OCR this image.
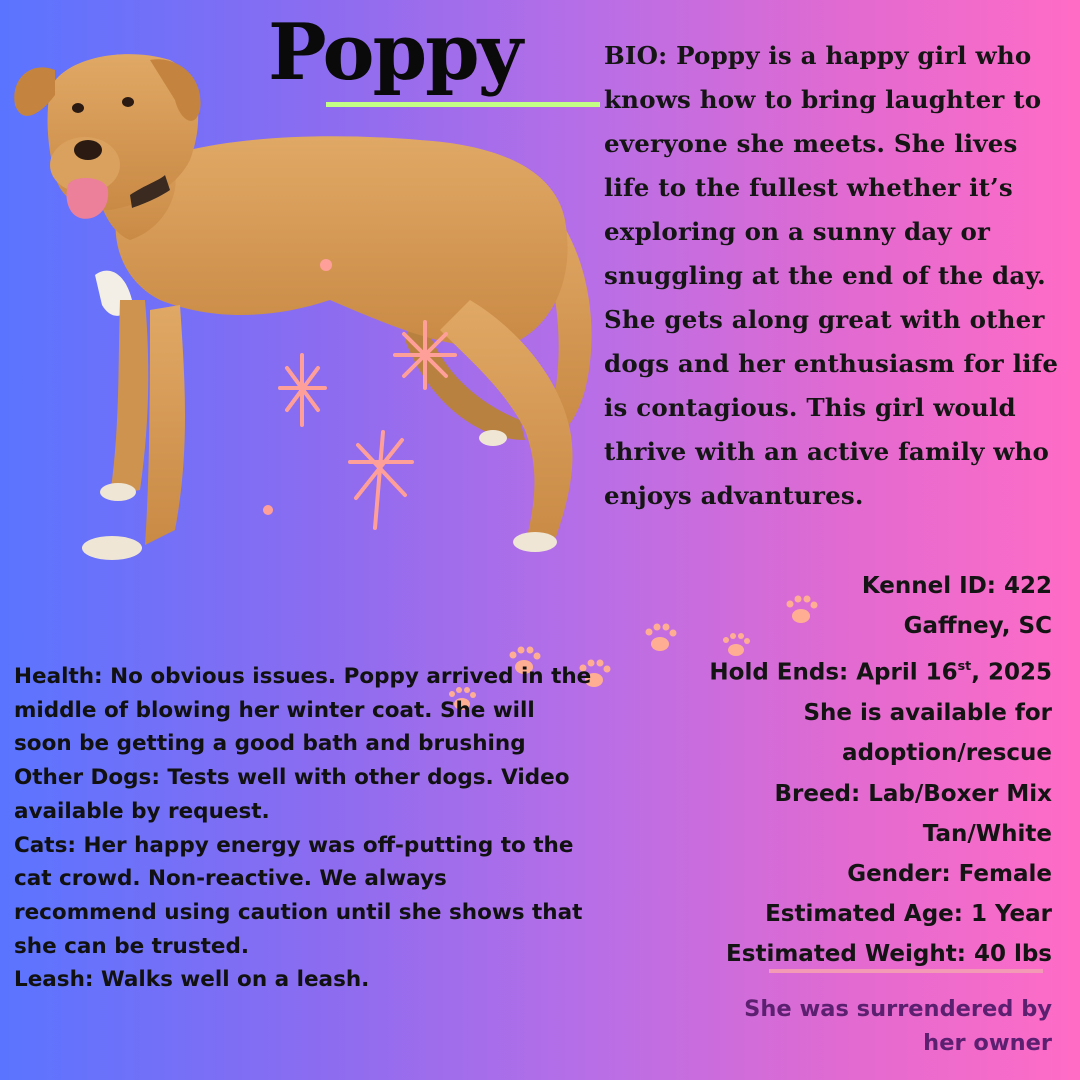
Poppy	BIO: Poppy is a happy girl who knows how to bring laughter to everyone she meets. She lives life to the fullest whether it’s exploring on a sunny day or snuggling at the end of the day. She gets along great with other dogs and her enthusiasm for life is contagious. This girl would thrive with an active family who enjoys advantures.
Kennel ID: 422
Gaffney, SC
Hold Ends: April 16st, 2025
She is available for
adoption/rescue
Breed: Lab/Boxer Mix
Tan/White
Gender: Female
Estimated Age: 1 Year
Estimated Weight: 40 lbs
She was surrendered by
her owner

Health: No obvious issues. Poppy arrived in the middle of blowing her winter coat. She will soon be getting a good bath and brushing

Other Dogs: Tests well with other dogs. Video available by request.

Cats: Her happy energy was off-putting to the cat crowd. Non-reactive. We always recommend using caution until she shows that she can be trusted.

Leash: Walks well on a leash.
